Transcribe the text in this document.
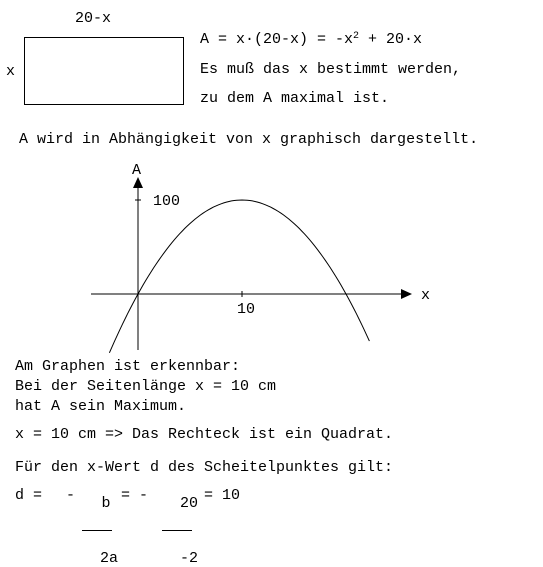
20-x
x
$A = x\cdot(20-x) = -x^2 + 20\cdot x$
Es muß das x bestimmt werden,
zu dem A maximal ist.
A wird in Abhängigkeit von x graphisch dargestellt.
A
x
100
10
Am Graphen ist erkennbar:
Bei der Seitenlänge x = 10 cm
hat A sein Maximum.
x = 10 cm => Das Rechteck ist ein Quadrat.
Für den x-Wert d des Scheitelpunktes gilt:
d = -	b

2a

= -	20

-2

= 10
